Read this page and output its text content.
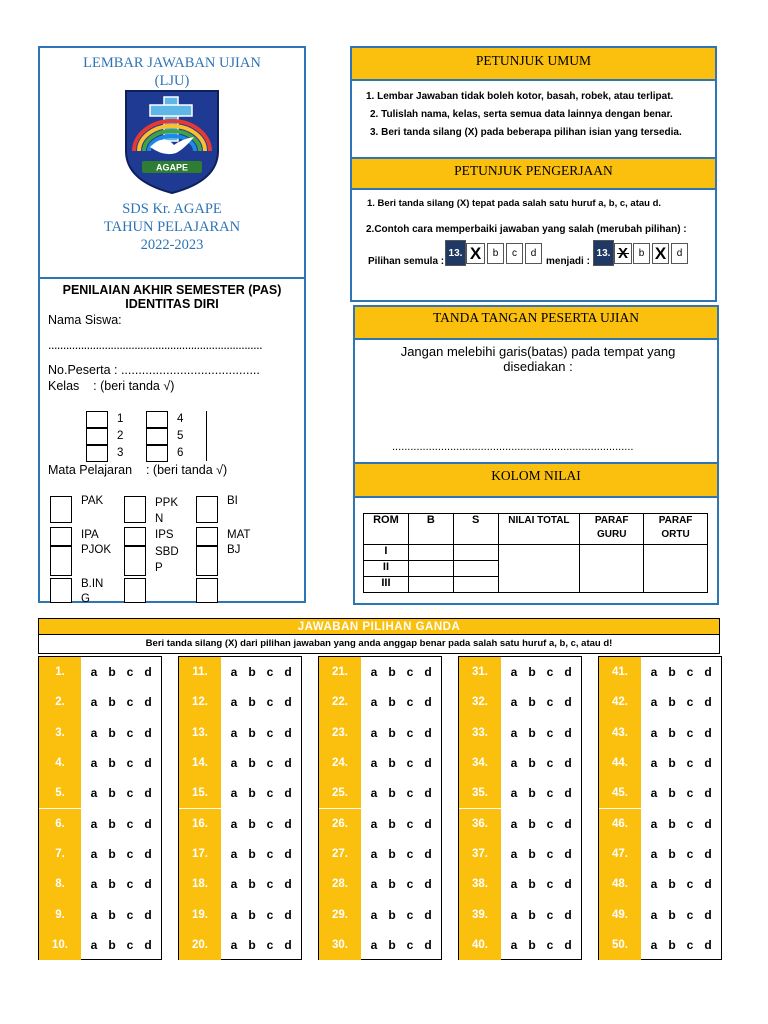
LEMBAR JAWABAN UJIAN
(LJU)
AGAPE
SDS Kr. AGAPE
TAHUN PELAJARAN
2022-2023
PENILAIAN AKHIR SEMESTER (PAS)
IDENTITAS DIRI
Nama Siswa:
........................................................................
No.Peserta : ........................................
Kelas    : (beri tanda √)
1
2
3
4
5
6
Mata Pelajaran    : (beri tanda √)
PAK
IPA
PJOK
B.IN G
PPK N
IPS
SBD P
BI
MAT
BJ
PETUNJUK UMUM
1. Lembar Jawaban tidak boleh kotor, basah, robek, atau terlipat.
2. Tulislah nama, kelas, serta semua data lainnya dengan benar.
3. Beri tanda silang (X) pada beberapa pilihan isian yang tersedia.
PETUNJUK PENGERJAAN
1. Beri tanda silang (X) tepat pada salah satu huruf a, b, c, atau d.
2.Contoh cara memperbaiki jawaban yang salah (merubah pilihan) :
Pilihan semula :
13. X	b	c	d
menjadi :
13. X	b X	d
TANDA TANGAN PESERTA UJIAN
Jangan melebihi garis(batas) pada tempat yang disediakan :
...............................................................................
KOLOM NILAI
ROM	B	S	NILAI TOTAL	PARAF GURU	PARAF ORTU
I					
II					
III					
JAWABAN PILIHAN GANDA
Beri tanda silang (X) dari pilihan jawaban yang anda anggap benar pada salah satu huruf a, b, c, atau d!
1.	a b c d
2.	a b c d
3.	a b c d
4.	a b c d
5.	a b c d
6.	a b c d
7.	a b c d
8.	a b c d
9.	a b c d
10.	a b c d
11.	a b c d
12.	a b c d
13.	a b c d
14.	a b c d
15.	a b c d
16.	a b c d
17.	a b c d
18.	a b c d
19.	a b c d
20.	a b c d
21.	a b c d
22.	a b c d
23.	a b c d
24.	a b c d
25.	a b c d
26.	a b c d
27.	a b c d
28.	a b c d
29.	a b c d
30.	a b c d
31.	a b c d
32.	a b c d
33.	a b c d
34.	a b c d
35.	a b c d
36.	a b c d
37.	a b c d
38.	a b c d
39.	a b c d
40.	a b c d
41.	a b c d
42.	a b c d
43.	a b c d
44.	a b c d
45.	a b c d
46.	a b c d
47.	a b c d
48.	a b c d
49.	a b c d
50.	a b c d
